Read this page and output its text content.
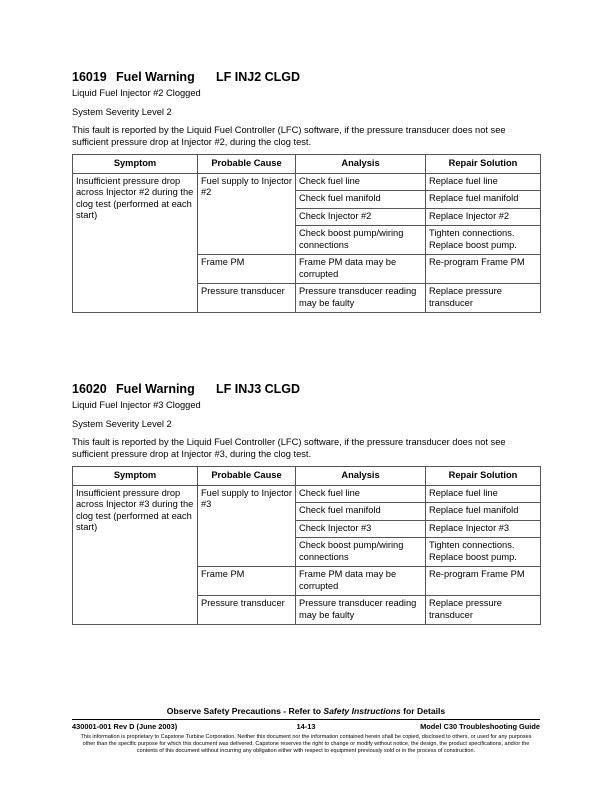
16019 Fuel Warning LF INJ2 CLGD

Liquid Fuel Injector #2 Clogged

System Severity Level 2

This fault is reported by the Liquid Fuel Controller (LFC) software, if the pressure transducer does not see sufficient pressure drop at Injector #2, during the clog test.

Symptom	Probable Cause	Analysis	Repair Solution
Insufficient pressure drop across Injector #2 during the clog test (performed at each start)	Fuel supply to Injector #2	Check fuel line	Replace fuel line
		Check fuel manifold	Replace fuel manifold
		Check Injector #2	Replace Injector #2
		Check boost pump/wiring connections	Tighten connections. Replace boost pump.
	Frame PM	Frame PM data may be corrupted	Re-program Frame PM
	Pressure transducer	Pressure transducer reading may be faulty	Replace pressure transducer
16020 Fuel Warning LF INJ3 CLGD

Liquid Fuel Injector #3 Clogged

System Severity Level 2

This fault is reported by the Liquid Fuel Controller (LFC) software, if the pressure transducer does not see sufficient pressure drop at Injector #3, during the clog test.

Symptom	Probable Cause	Analysis	Repair Solution
Insufficient pressure drop across Injector #3 during the clog test (performed at each start)	Fuel supply to Injector #3	Check fuel line	Replace fuel line
		Check fuel manifold	Replace fuel manifold
		Check Injector #3	Replace Injector #3
		Check boost pump/wiring connections	Tighten connections. Replace boost pump.
	Frame PM	Frame PM data may be corrupted	Re-program Frame PM
	Pressure transducer	Pressure transducer reading may be faulty	Replace pressure transducer
Observe Safety Precautions - Refer to Safety Instructions for Details
430001-001 Rev D (June 2003)	14-13	Model C30 Troubleshooting Guide
This information is proprietary to Capstone Turbine Corporation. Neither this document nor the information contained herein shall be copied, disclosed to others, or used for any purposes other than the specific purpose for which this document was delivered. Capstone reserves the right to change or modify without notice, the design, the product specifications, and/or the contents of this document without incurring any obligation either with respect to equipment previously sold or in the process of construction.
